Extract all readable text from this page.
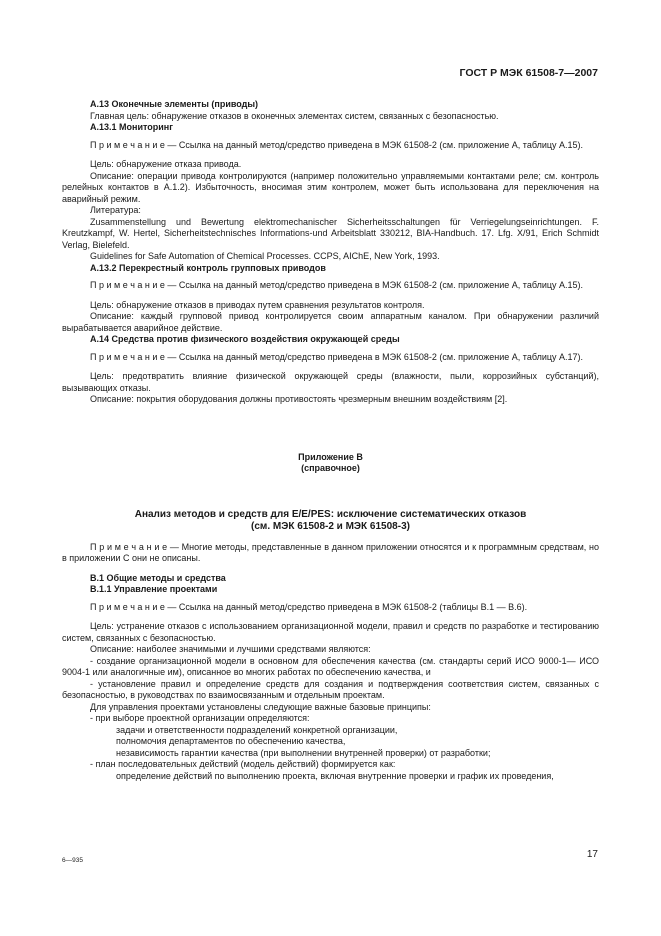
ГОСТ Р МЭК 61508-7—2007

А.13 Оконечные элементы (приводы)

Главная цель: обнаружение отказов в оконечных элементах систем, связанных с безопасностью.

А.13.1 Мониторинг

П р и м е ч а н и е — Ссылка на данный метод/средство приведена в МЭК 61508-2 (см. приложение А, таблицу А.15).

Цель: обнаружение отказа привода.

Описание: операции привода контролируются (например положительно управляемыми контактами реле; см. контроль релейных контактов в А.1.2). Избыточность, вносимая этим контролем, может быть использована для переключения на аварийный режим.

Литература:

Zusammenstellung und Bewertung elektromechanischer Sicherheitsschaltungen für Verriegelungseinrichtungen. F. Kreutzkampf, W. Hertel, Sicherheitstechnisches Informations-und Arbeitsblatt 330212, BIA-Handbuch. 17. Lfg. X/91, Erich Schmidt Verlag, Bielefeld.

Guidelines for Safe Automation of Chemical Processes. CCPS, AIChE, New York, 1993.

А.13.2 Перекрестный контроль групповых приводов

П р и м е ч а н и е — Ссылка на данный метод/средство приведена в МЭК 61508-2 (см. приложение А, таблицу А.15).

Цель: обнаружение отказов в приводах путем сравнения результатов контроля.

Описание: каждый групповой привод контролируется своим аппаратным каналом. При обнаружении различий вырабатывается аварийное действие.

А.14 Средства против физического воздействия окружающей среды

П р и м е ч а н и е — Ссылка на данный метод/средство приведена в МЭК 61508-2 (см. приложение А, таблицу А.17).

Цель: предотвратить влияние физической окружающей среды (влажности, пыли, коррозийных субстанций), вызывающих отказы.

Описание: покрытия оборудования должны противостоять чрезмерным внешним воздействиям [2].

Приложение В

(справочное)

Анализ методов и средств для E/E/PES: исключение систематических отказов

(см. МЭК 61508-2 и МЭК 61508-3)

П р и м е ч а н и е — Многие методы, представленные в данном приложении относятся и к программным средствам, но в приложении С они не описаны.

В.1 Общие методы и средства

В.1.1 Управление проектами

П р и м е ч а н и е — Ссылка на данный метод/средство приведена в МЭК 61508-2 (таблицы В.1 — В.6).

Цель: устранение отказов с использованием организационной модели, правил и средств по разработке и тестированию систем, связанных с безопасностью.

Описание: наиболее значимыми и лучшими средствами являются:

- создание организационной модели в основном для обеспечения качества (см. стандарты серий ИСО 9000-1— ИСО 9004-1 или аналогичные им), описанное во многих работах по обеспечению качества, и

- установление правил и определение средств для создания и подтверждения соответствия систем, связанных с безопасностью, в руководствах по взаимосвязанным и отдельным проектам.

Для управления проектами установлены следующие важные базовые принципы:

- при выборе проектной организации определяются:

задачи и ответственности подразделений конкретной организации,

полномочия департаментов по обеспечению качества,

независимость гарантии качества (при выполнении внутренней проверки) от разработки;

- план последовательных действий (модель действий) формируется как:

определение действий по выполнению проекта, включая внутренние проверки и график их проведения,

6—935
17
